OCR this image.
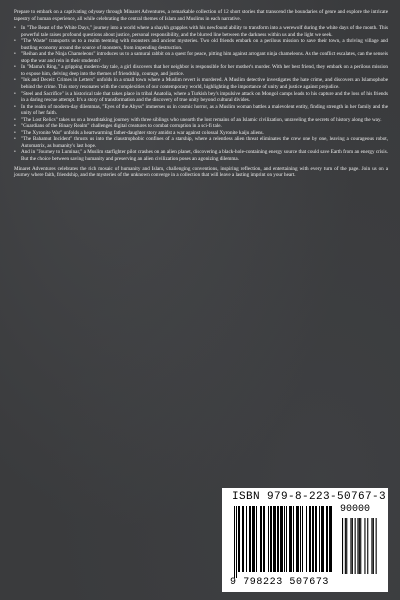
Prepare to embark on a captivating odyssey through Minaret Adventures, a remarkable collection of 12 short stories that transcend the boundaries of genre and explore the intricate tapestry of human experience, all while celebrating the central themes of Islam and Muslims in each narrative.

• In "The Beast of the White Days," journey into a world where a shaykh grapples with his newfound ability to transform into a werewolf during the white days of the month. This powerful tale raises profound questions about justice, personal responsibility, and the blurred line between the darkness within us and the light we seek.
• "The Waste" transports us to a realm teeming with monsters and ancient mysteries. Two old friends embark on a perilous mission to save their town, a thriving village and bustling economy around the source of monsters, from impending destruction.
• "Reihan and the Ninja Chameleons" introduces us to a samurai rabbit on a quest for peace, pitting him against arrogant ninja chameleons. As the conflict escalates, can the senseis stop the war and rein in their students?
• In "Mama's Ring," a gripping modern-day tale, a girl discovers that her neighbor is responsible for her mother's murder. With her best friend, they embark on a perilous mission to expose him, delving deep into the themes of friendship, courage, and justice.
• "Ink and Deceit: Crimes in Letters" unfolds in a small town where a Muslim revert is murdered. A Muslim detective investigates the hate crime, and discovers an Islamophobe behind the crime. This story resonates with the complexities of our contemporary world, highlighting the importance of unity and justice against prejudice.
• "Steel and Sacrifice" is a historical tale that takes place in tribal Anatolia, where a Turkish bey's impulsive attack on Mongol camps leads to his capture and the loss of his friends in a daring rescue attempt. It's a story of transformation and the discovery of true unity beyond cultural divides.
• In the realm of modern-day dilemmas, "Eyes of the Abyss" immerses us in cosmic horror, as a Muslim woman battles a malevolent entity, finding strength in her family and the unity of her faith.
• "The Lost Relics" takes us on a breathtaking journey with three siblings who unearth the lost remains of an Islamic civilization, unraveling the secrets of history along the way.
• "Guardians of the Binary Realm" challenges digital creatures to combat corruption in a sci-fi tale.
• "The Xyronite War" unfolds a heartwarming father-daughter story amidst a war against colossal Xyronite kaiju aliens.
• "The Bahamut Incident" thrusts us into the claustrophobic confines of a starship, where a relentless alien threat eliminates the crew one by one, leaving a courageous robot, Automatrix, as humanity's last hope.
• And in "Journey to Luminar," a Muslim starfighter pilot crashes on an alien planet, discovering a black-hole-containing energy source that could save Earth from an energy crisis. But the choice between saving humanity and preserving an alien civilization poses an agonizing dilemma.

Minaret Adventures celebrates the rich mosaic of humanity and Islam, challenging conventions, inspiring reflection, and entertaining with every turn of the page. Join us on a journey where faith, friendship, and the mysteries of the unknown converge in a collection that will leave a lasting imprint on your heart.

ISBN 979-8-223-50767-3
90000
9 798223 507673
